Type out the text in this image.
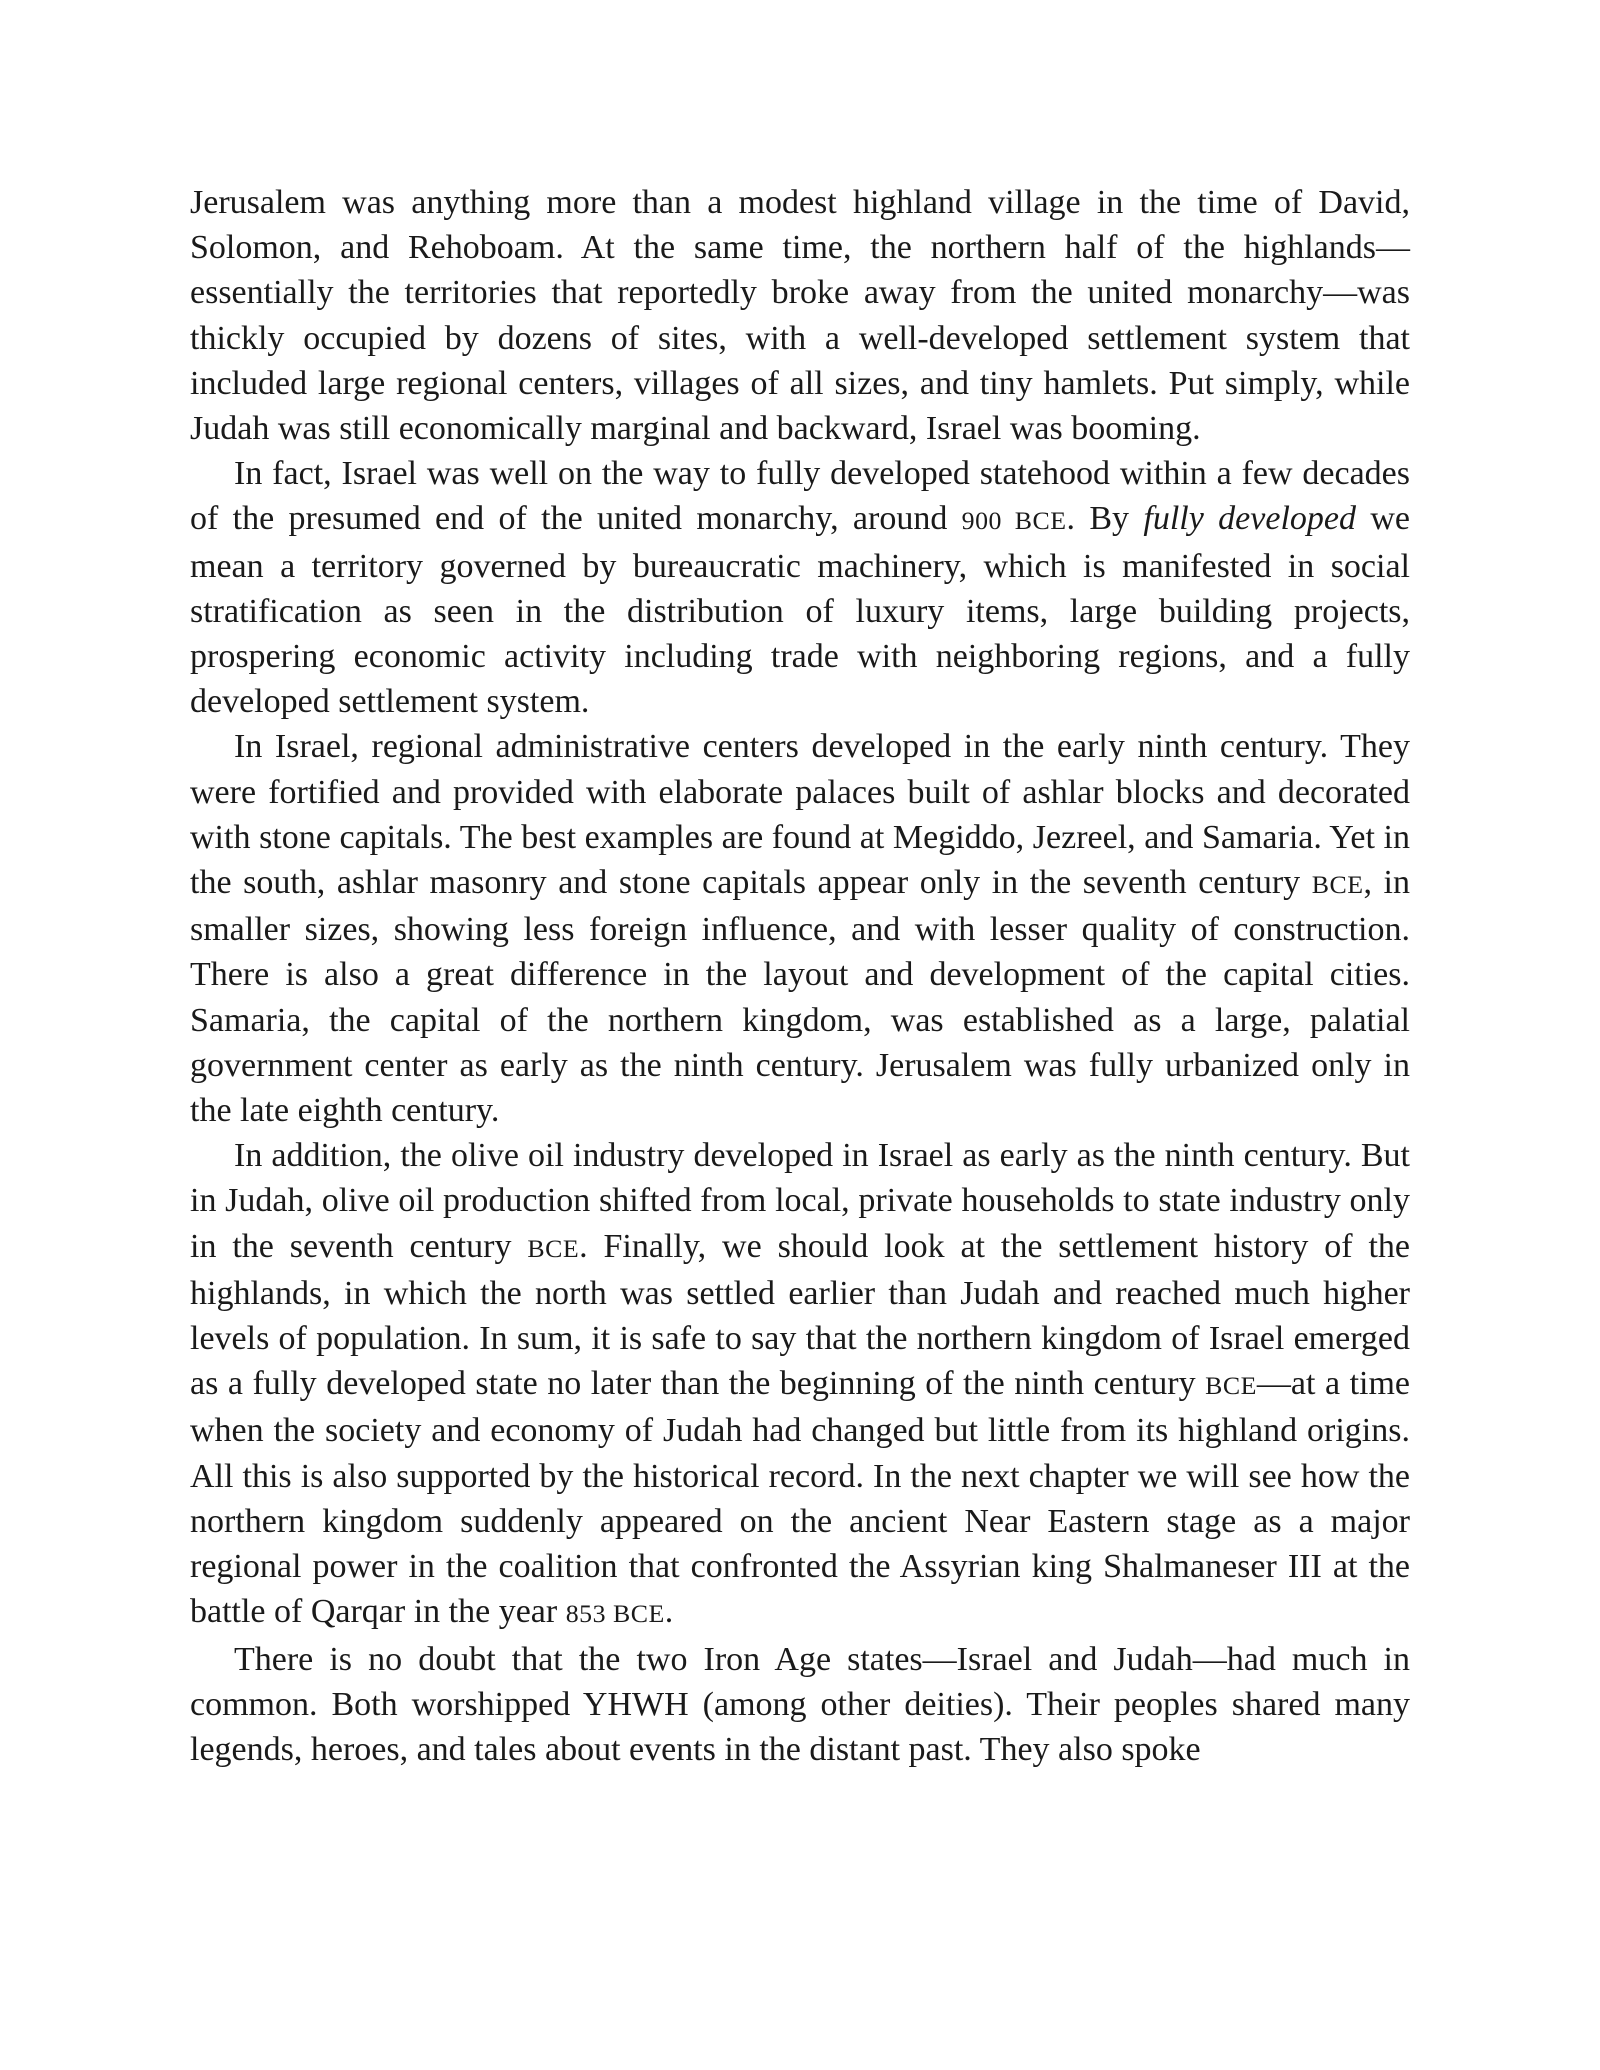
Jerusalem was anything more than a modest highland village in the time of David, Solomon, and Rehoboam. At the same time, the northern half of the highlands—essentially the territories that reportedly broke away from the united monarchy—was thickly occupied by dozens of sites, with a well-developed settlement system that included large regional centers, villages of all sizes, and tiny hamlets. Put simply, while Judah was still economically marginal and backward, Israel was booming.

In fact, Israel was well on the way to fully developed statehood within a few decades of the presumed end of the united monarchy, around 900 BCE. By fully developed we mean a territory governed by bureaucratic machinery, which is manifested in social stratification as seen in the distribution of luxury items, large building projects, prospering economic activity including trade with neighboring regions, and a fully developed settlement system.

In Israel, regional administrative centers developed in the early ninth century. They were fortified and provided with elaborate palaces built of ashlar blocks and decorated with stone capitals. The best examples are found at Megiddo, Jezreel, and Samaria. Yet in the south, ashlar masonry and stone capitals appear only in the seventh century BCE, in smaller sizes, showing less foreign influence, and with lesser quality of construction. There is also a great difference in the layout and development of the capital cities. Samaria, the capital of the northern kingdom, was established as a large, palatial government center as early as the ninth century. Jerusalem was fully urbanized only in the late eighth century.

In addition, the olive oil industry developed in Israel as early as the ninth century. But in Judah, olive oil production shifted from local, private households to state industry only in the seventh century BCE. Finally, we should look at the settlement history of the highlands, in which the north was settled earlier than Judah and reached much higher levels of population. In sum, it is safe to say that the northern kingdom of Israel emerged as a fully developed state no later than the beginning of the ninth century BCE—at a time when the society and economy of Judah had changed but little from its highland origins. All this is also supported by the historical record. In the next chapter we will see how the northern kingdom suddenly appeared on the ancient Near Eastern stage as a major regional power in the coalition that confronted the Assyrian king Shalmaneser III at the battle of Qarqar in the year 853 BCE.

There is no doubt that the two Iron Age states—Israel and Judah—had much in common. Both worshipped YHWH (among other deities). Their peoples shared many legends, heroes, and tales about events in the distant past. They also spoke
